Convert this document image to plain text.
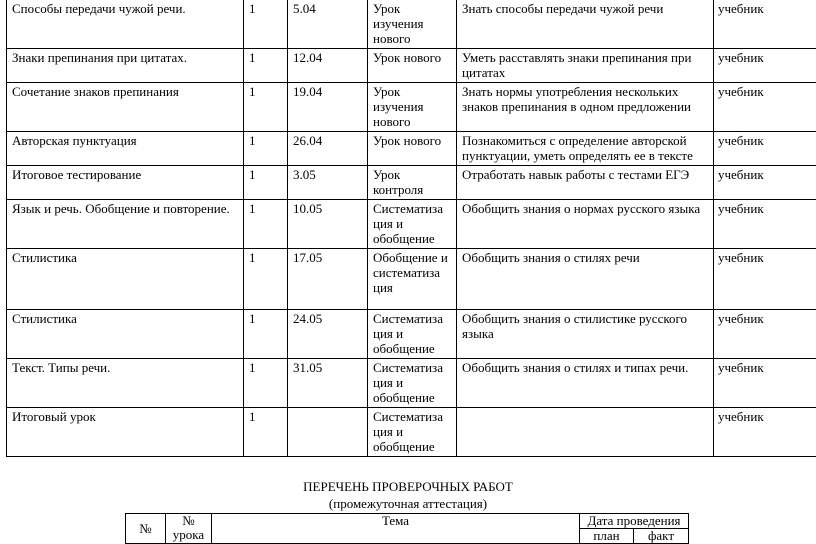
Способы передачи чужой речи.	1	5.04	Урок изучения нового	Знать способы передачи чужой речи	учебник
Знаки препинания при цитатах.	1	12.04	Урок нового	Уметь расставлять знаки препинания при цитатах	учебник
Сочетание знаков препинания	1	19.04	Урок изучения нового	Знать нормы употребления нескольких знаков препинания в одном предложении	учебник
Авторская пунктуация	1	26.04	Урок нового	Познакомиться с определение авторской пунктуации, уметь определять ее в тексте	учебник
Итоговое тестирование	1	3.05	Урок контроля	Отработать навык работы с тестами ЕГЭ	учебник
Язык и речь. Обобщение и повторение.	1	10.05	Систематиза ция и обобщение	Обобщить знания о нормах русского языка	учебник
Стилистика	1	17.05	Обобщение и систематиза ция	Обобщить знания о стилях речи	учебник
Стилистика	1	24.05	Систематиза ция и обобщение	Обобщить знания о стилистике русского языка	учебник
Текст. Типы речи.	1	31.05	Систематиза ция и обобщение	Обобщить знания о стилях и типах речи.	учебник
Итоговый урок	1		Систематиза ция и обобщение		учебник
ПЕРЕЧЕНЬ ПРОВЕРОЧНЫХ РАБОТ
(промежуточная аттестация)
№	№ урока	Тема	Дата проведения	
			план	факт
